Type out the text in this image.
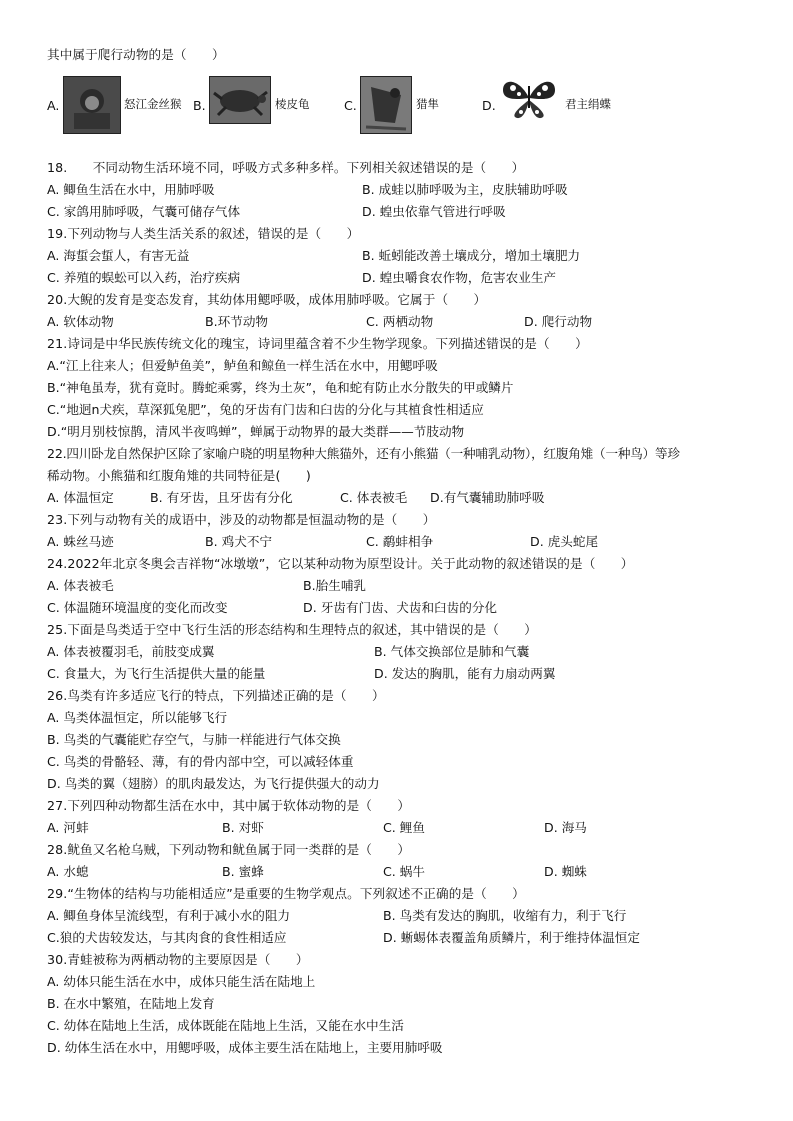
其中属于爬行动物的是（　　）
A.	怒江金丝猴 B.	棱皮龟	C.	猎隼	D.	君主绢蝶
18.　　不同动物生活环境不同，呼吸方式多种多样。下列相关叙述错误的是（　　）
A. 鲫鱼生活在水中，用肺呼吸	B. 成蛙以肺呼吸为主，皮肤辅助呼吸
C. 家鸽用肺呼吸，气囊可储存气体	D. 蝗虫依靠气管进行呼吸
19.下列动物与人类生活关系的叙述，错误的是（　　）
A. 海蜇会蜇人，有害无益	B. 蚯蚓能改善土壤成分，增加土壤肥力
C. 养殖的蜈蚣可以入药，治疗疾病	D. 蝗虫嚼食农作物，危害农业生产
20.大鲵的发育是变态发育，其幼体用鳃呼吸，成体用肺呼吸。它属于（　　）
A. 软体动物	B.环节动物	C. 两栖动物	D. 爬行动物
21.诗词是中华民族传统文化的瑰宝，诗词里蕴含着不少生物学现象。下列描述错误的是（　　）
A.“江上往来人；但爱鲈鱼美”，鲈鱼和鲸鱼一样生活在水中，用鳃呼吸
B.“神龟虽寿，犹有竟时。腾蛇乘雾，终为土灰”，龟和蛇有防止水分散失的甲或鳞片
C.“地迥n犬疾，草深狐兔肥”，兔的牙齿有门齿和臼齿的分化与其植食性相适应
D.“明月别枝惊鹊，清风半夜鸣蝉”，蝉属于动物界的最大类群——节肢动物
22.四川卧龙自然保护区除了家喻户晓的明星物种大熊猫外，还有小熊猫（一种哺乳动物），红腹角雉（一种鸟）等珍
稀动物。小熊猫和红腹角雉的共同特征是(　　)
A. 体温恒定	B. 有牙齿，且牙齿有分化	C. 体表被毛 D.有气囊辅助肺呼吸
23.下列与动物有关的成语中，涉及的动物都是恒温动物的是（　　）
A. 蛛丝马迹	B. 鸡犬不宁	C. 鹬蚌相争	D. 虎头蛇尾
24.2022年北京冬奥会吉祥物“冰墩墩”，它以某种动物为原型设计。关于此动物的叙述错误的是（　　）
A. 体表被毛	B.胎生哺乳
C. 体温随环境温度的变化而改变	D. 牙齿有门齿、犬齿和臼齿的分化
25.下面是鸟类适于空中飞行生活的形态结构和生理特点的叙述，其中错误的是（　　）
A. 体表被覆羽毛，前肢变成翼	B. 气体交换部位是肺和气囊
C. 食量大，为飞行生活提供大量的能量	D. 发达的胸肌，能有力扇动两翼
26.鸟类有许多适应飞行的特点，下列描述正确的是（　　）
A. 鸟类体温恒定，所以能够飞行
B. 鸟类的气囊能贮存空气，与肺一样能进行气体交换
C. 鸟类的骨骼轻、薄，有的骨内部中空，可以减轻体重
D. 鸟类的翼（翅膀）的肌肉最发达，为飞行提供强大的动力
27.下列四种动物都生活在水中，其中属于软体动物的是（　　）
A. 河蚌	B. 对虾	C. 鲤鱼	D. 海马
28.鱿鱼又名枪乌贼，下列动物和鱿鱼属于同一类群的是（　　）
A. 水螅	B. 蜜蜂	C. 蜗牛	D. 蜘蛛
29.“生物体的结构与功能相适应”是重要的生物学观点。下列叙述不正确的是（　　）
A. 鲫鱼身体呈流线型，有利于减小水的阻力	B. 鸟类有发达的胸肌，收缩有力，利于飞行
C.狼的犬齿较发达，与其肉食的食性相适应	D. 蜥蜴体表覆盖角质鳞片，利于维持体温恒定
30.青蛙被称为两栖动物的主要原因是（　　）
A. 幼体只能生活在水中，成体只能生活在陆地上
B. 在水中繁殖，在陆地上发育
C. 幼体在陆地上生活，成体既能在陆地上生活，又能在水中生活
D. 幼体生活在水中，用鳃呼吸，成体主要生活在陆地上，主要用肺呼吸
